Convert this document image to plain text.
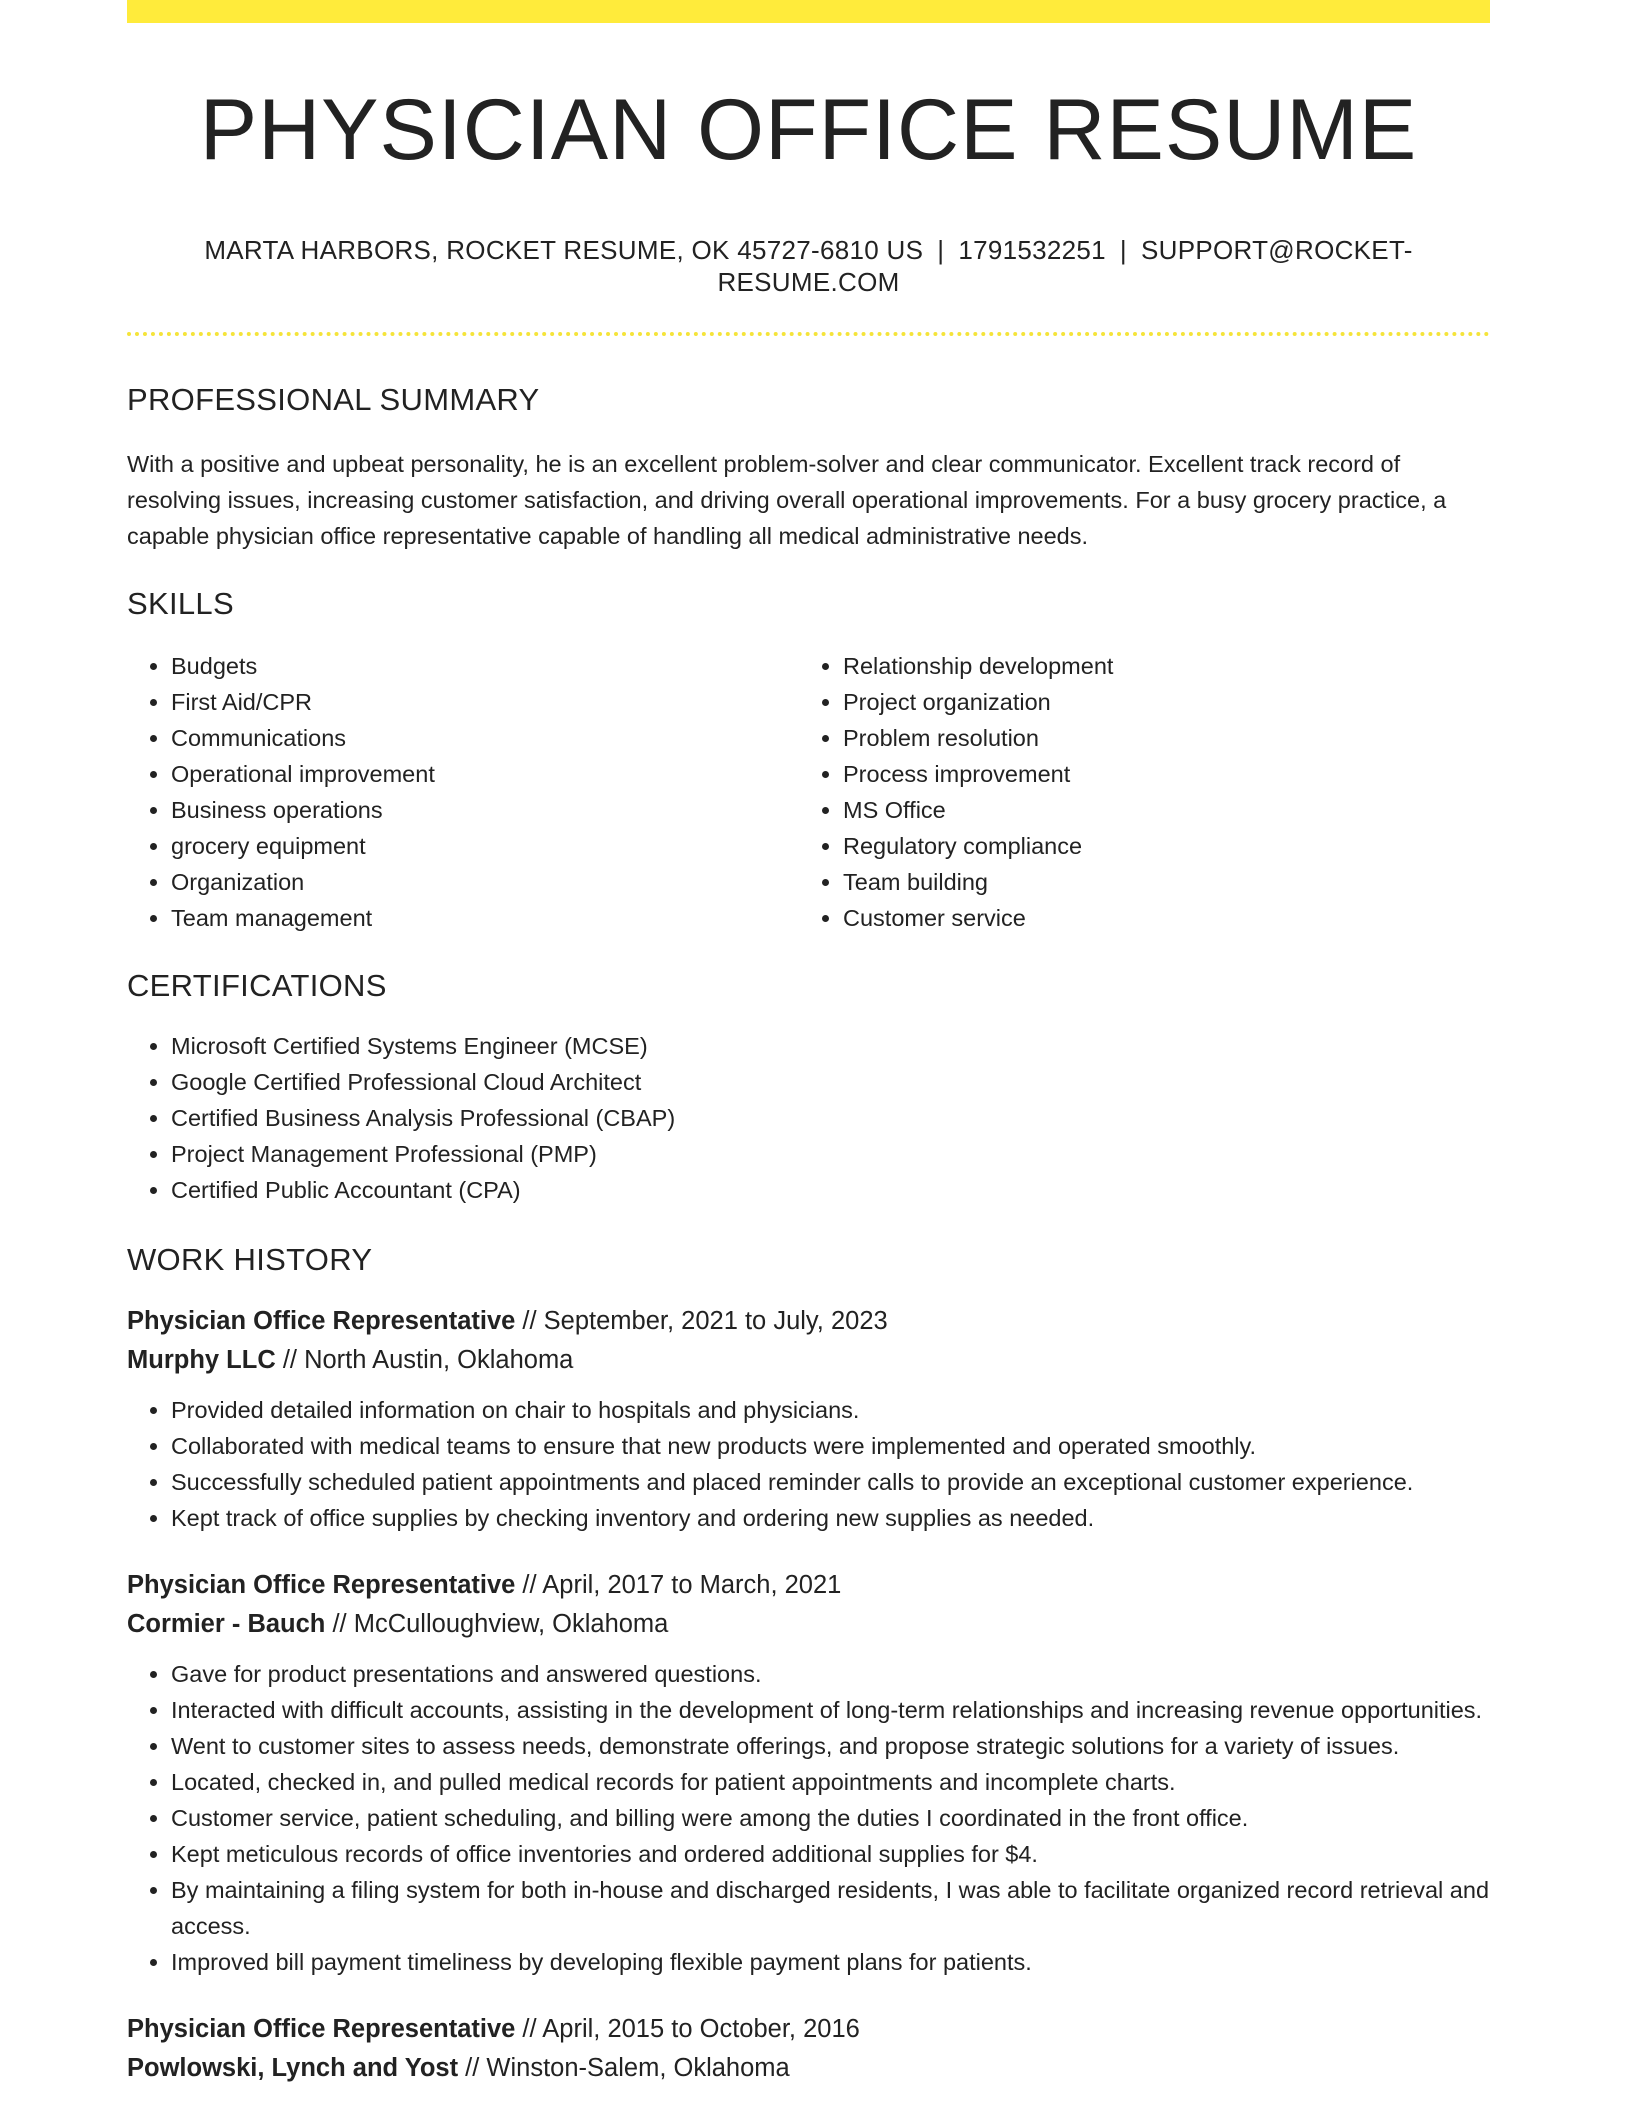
PHYSICIAN OFFICE RESUME
MARTA HARBORS, ROCKET RESUME, OK 45727-6810 US | 1791532251 | SUPPORT@ROCKET-RESUME.COM
PROFESSIONAL SUMMARY

With a positive and upbeat personality, he is an excellent problem-solver and clear communicator. Excellent track record of resolving issues, increasing customer satisfaction, and driving overall operational improvements. For a busy grocery practice, a capable physician office representative capable of handling all medical administrative needs.

SKILLS
• Budgets
• First Aid/CPR
• Communications
• Operational improvement
• Business operations
• grocery equipment
• Organization
• Team management
• Relationship development
• Project organization
• Problem resolution
• Process improvement
• MS Office
• Regulatory compliance
• Team building
• Customer service
CERTIFICATIONS
• Microsoft Certified Systems Engineer (MCSE)
• Google Certified Professional Cloud Architect
• Certified Business Analysis Professional (CBAP)
• Project Management Professional (PMP)
• Certified Public Accountant (CPA)
WORK HISTORY
Physician Office Representative // September, 2021 to July, 2023
Murphy LLC // North Austin, Oklahoma
• Provided detailed information on chair to hospitals and physicians.
• Collaborated with medical teams to ensure that new products were implemented and operated smoothly.
• Successfully scheduled patient appointments and placed reminder calls to provide an exceptional customer experience.
• Kept track of office supplies by checking inventory and ordering new supplies as needed.
Physician Office Representative // April, 2017 to March, 2021
Cormier - Bauch // McCulloughview, Oklahoma
• Gave for product presentations and answered questions.
• Interacted with difficult accounts, assisting in the development of long-term relationships and increasing revenue opportunities.
• Went to customer sites to assess needs, demonstrate offerings, and propose strategic solutions for a variety of issues.
• Located, checked in, and pulled medical records for patient appointments and incomplete charts.
• Customer service, patient scheduling, and billing were among the duties I coordinated in the front office.
• Kept meticulous records of office inventories and ordered additional supplies for $4.
• By maintaining a filing system for both in-house and discharged residents, I was able to facilitate organized record retrieval and access.
• Improved bill payment timeliness by developing flexible payment plans for patients.
Physician Office Representative // April, 2015 to October, 2016
Powlowski, Lynch and Yost // Winston-Salem, Oklahoma
